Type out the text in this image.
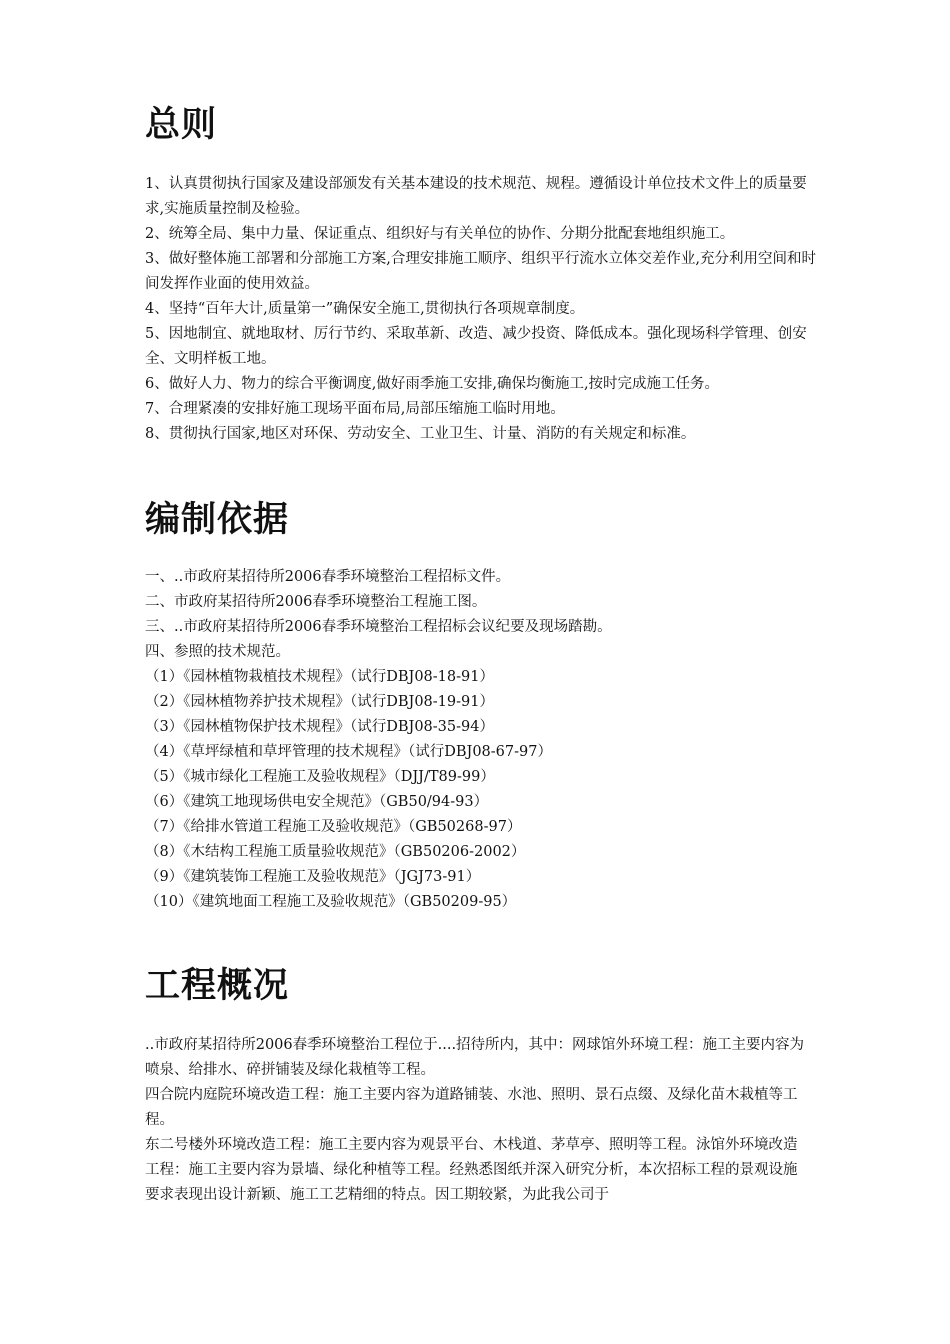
总则

1、认真贯彻执行国家及建设部颁发有关基本建设的技术规范、规程。遵循设计单位技术文件上的质量要求,实施质量控制及检验。

2、统筹全局、集中力量、保证重点、组织好与有关单位的协作、分期分批配套地组织施工。

3、做好整体施工部署和分部施工方案,合理安排施工顺序、组织平行流水立体交差作业,充分利用空间和时间发挥作业面的使用效益。

4、坚持“百年大计,质量第一”确保安全施工,贯彻执行各项规章制度。

5、因地制宜、就地取材、厉行节约、采取革新、改造、减少投资、降低成本。强化现场科学管理、创安全、文明样板工地。

6、做好人力、物力的综合平衡调度,做好雨季施工安排,确保均衡施工,按时完成施工任务。

7、合理紧凑的安排好施工现场平面布局,局部压缩施工临时用地。

8、贯彻执行国家,地区对环保、劳动安全、工业卫生、计量、消防的有关规定和标准。

编制依据

一、..市政府某招待所2006春季环境整治工程招标文件。

二、市政府某招待所2006春季环境整治工程施工图。

三、..市政府某招待所2006春季环境整治工程招标会议纪要及现场踏勘。

四、参照的技术规范。

（1）《园林植物栽植技术规程》（试行DBJ08-18-91）

（2）《园林植物养护技术规程》（试行DBJ08-19-91）

（3）《园林植物保护技术规程》（试行DBJ08-35-94）

（4）《草坪绿植和草坪管理的技术规程》（试行DBJ08-67-97）

（5）《城市绿化工程施工及验收规程》（DJJ/T89-99）

（6）《建筑工地现场供电安全规范》（GB50/94-93）

（7）《给排水管道工程施工及验收规范》（GB50268-97）

（8）《木结构工程施工质量验收规范》（GB50206-2002）

（9）《建筑装饰工程施工及验收规范》（JGJ73-91）

（10）《建筑地面工程施工及验收规范》（GB50209-95）

工程概况

..市政府某招待所2006春季环境整治工程位于....招待所内，其中：网球馆外环境工程：施工主要内容为喷泉、给排水、碎拼铺装及绿化栽植等工程。

四合院内庭院环境改造工程：施工主要内容为道路铺装、水池、照明、景石点缀、及绿化苗木栽植等工程。

东二号楼外环境改造工程：施工主要内容为观景平台、木栈道、茅草亭、照明等工程。泳馆外环境改造工程：施工主要内容为景墙、绿化种植等工程。经熟悉图纸并深入研究分析，本次招标工程的景观设施要求表现出设计新颖、施工工艺精细的特点。因工期较紧，为此我公司于
